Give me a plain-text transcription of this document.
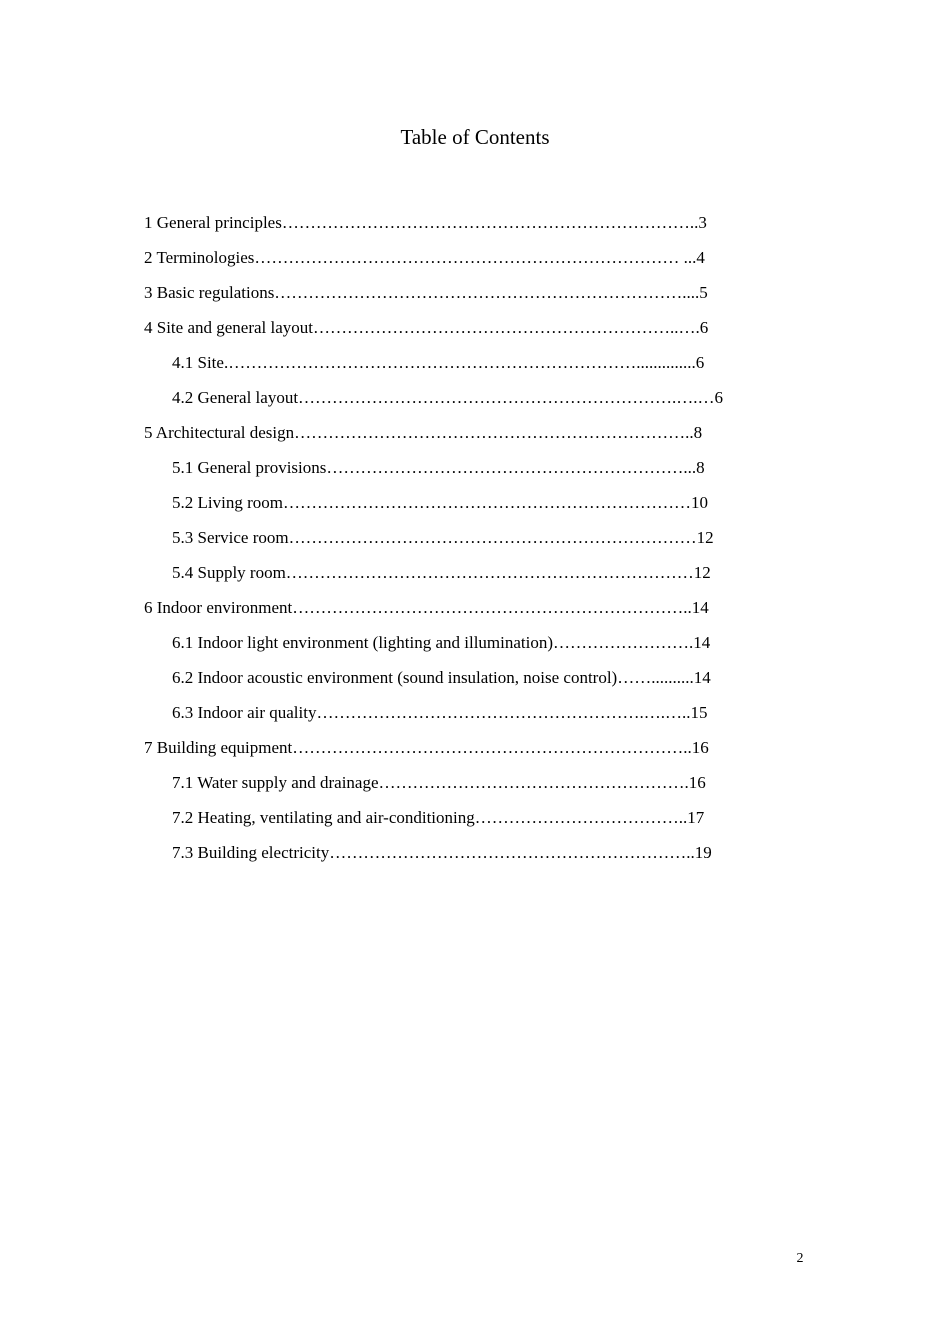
Table of Contents
1 General principles………………………………………………………………..3
2 Terminologies………………………………………………………………… ...4
3 Basic regulations………………………………………………………………....5
4 Site and general layout………………………………………………………..….6
4.1 Site.………………………………………………………………..............6
4.2 General layout………………………………………………………….….…6
5 Architectural design……………………………………………………………..8
5.1 General provisions………………………………………………………...8
5.2 Living room………………………………………………………………10
5.3 Service room………………………………………………………………12
5.4 Supply room………………………………………………………………12
6 Indoor environment……………………………………………………………..14
6.1 Indoor light environment (lighting and illumination)…………………….14
6.2 Indoor acoustic environment (sound insulation, noise control)……..........14
6.3 Indoor air quality………………………………………………….….…..15
7 Building equipment……………………………………………………………..16
7.1 Water supply and drainage……………………………………………….16
7.2 Heating, ventilating and air-conditioning………………………………..17
7.3 Building electricity………………………………………………………..19
2
